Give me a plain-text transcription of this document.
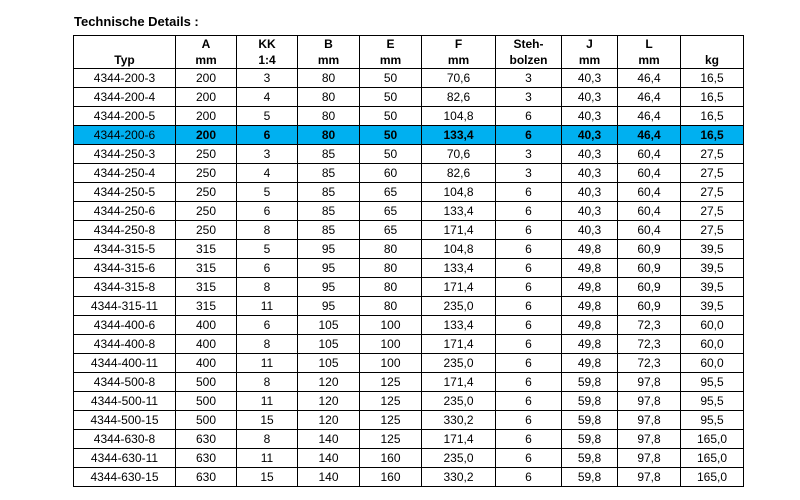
Technische Details :
	A	KK	B	E	F	Steh-	J	L	
Typ	mm	1:4	mm	mm	mm	bolzen	mm	mm	kg
4344-200-3	200	3	80	50	70,6	3	40,3	46,4	16,5
4344-200-4	200	4	80	50	82,6	3	40,3	46,4	16,5
4344-200-5	200	5	80	50	104,8	6	40,3	46,4	16,5
4344-200-6	200	6	80	50	133,4	6	40,3	46,4	16,5
4344-250-3	250	3	85	50	70,6	3	40,3	60,4	27,5
4344-250-4	250	4	85	60	82,6	3	40,3	60,4	27,5
4344-250-5	250	5	85	65	104,8	6	40,3	60,4	27,5
4344-250-6	250	6	85	65	133,4	6	40,3	60,4	27,5
4344-250-8	250	8	85	65	171,4	6	40,3	60,4	27,5
4344-315-5	315	5	95	80	104,8	6	49,8	60,9	39,5
4344-315-6	315	6	95	80	133,4	6	49,8	60,9	39,5
4344-315-8	315	8	95	80	171,4	6	49,8	60,9	39,5
4344-315-11	315	11	95	80	235,0	6	49,8	60,9	39,5
4344-400-6	400	6	105	100	133,4	6	49,8	72,3	60,0
4344-400-8	400	8	105	100	171,4	6	49,8	72,3	60,0
4344-400-11	400	11	105	100	235,0	6	49,8	72,3	60,0
4344-500-8	500	8	120	125	171,4	6	59,8	97,8	95,5
4344-500-11	500	11	120	125	235,0	6	59,8	97,8	95,5
4344-500-15	500	15	120	125	330,2	6	59,8	97,8	95,5
4344-630-8	630	8	140	125	171,4	6	59,8	97,8	165,0
4344-630-11	630	11	140	160	235,0	6	59,8	97,8	165,0
4344-630-15	630	15	140	160	330,2	6	59,8	97,8	165,0
